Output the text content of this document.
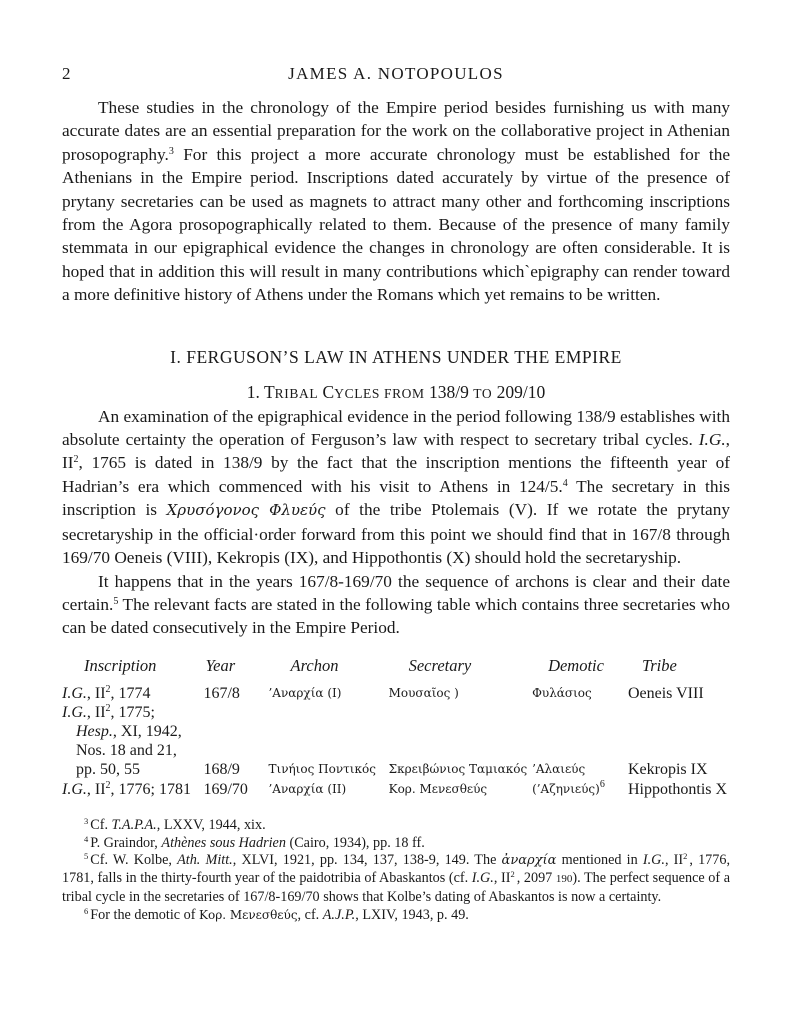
2	JAMES A. NOTOPOULOS

These studies in the chronology of the Empire period besides furnishing us with many accurate dates are an essential preparation for the work on the collaborative project in Athenian prosopography.$^3$ For this project a more accurate chronology must be established for the Athenians in the Empire period. Inscriptions dated accurately by virtue of the presence of prytany secretaries can be used as magnets to attract many other and forthcoming inscriptions from the Agora prosopographically related to them. Because of the presence of many family stemmata in our epigraphical evidence the changes in chronology are often considerable. It is hoped that in addition this will result in many contributions which`epigraphy can render toward a more definitive history of Athens under the Romans which yet remains to be written.

I. FERGUSON’S LAW IN ATHENS UNDER THE EMPIRE
1. TRIBAL CYCLES FROM 138/9 TO 209/10

An examination of the epigraphical evidence in the period following 138/9 establishes with absolute certainty the operation of Ferguson’s law with respect to secretary tribal cycles. I.G., $II^2$, 1765 is dated in 138/9 by the fact that the inscription mentions the fifteenth year of Hadrian’s era which commenced with his visit to Athens in 124/5.$^4$ The secretary in this inscription is Χρυσόγονος Φλυεύς of the tribe Ptolemais (V). If we rotate the prytany secretaryship in the official·order forward from this point we should find that in 167/8 through 169/70 Oeneis (VIII), Kekropis (IX), and Hippothontis (X) should hold the secretaryship.

It happens that in the years 167/8-169/70 the sequence of archons is clear and their date certain.$^5$ The relevant facts are stated in the following table which contains three secretaries who can be dated consecutively in the Empire Period.

Inscription	Year	Archon	Secretary	Demotic	Tribe
I.G., $II^2$, 1774	167/8	’Αναρχία (I)	Μουσαῖος )	Φυλάσιος	Oeneis VIII
I.G., $II^2$, 1775;
Hesp., XI, 1942,
Nos. 18 and 21,
pp. 50, 55	168/9	Τινήιος Ποντικός	Σκρειβώνιος Ταμιακός	’Αλαιεύς	Kekropis IX
I.G., $II^2$, 1776; 1781	169/70	’Αναρχία (II)	Κορ. Μενεσθεύς	(’Αζηνιεύς)$^6$	Hippothontis X

$^3$ Cf. T.A.P.A., LXXV, 1944, xix.

$^4$ P. Graindor, Athènes sous Hadrien (Cairo, 1934), pp. 18 ff.

$^5$ Cf. W. Kolbe, Ath. Mitt., XLVI, 1921, pp. 134, 137, 138-9, 149. The ἀναρχία mentioned in I.G., $II^2$ , 1776, 1781, falls in the thirty-fourth year of the paidotribia of Abaskantos (cf. I.G., $II^2$ , 2097 190). The perfect sequence of a tribal cycle in the secretaries of 167/8-169/70 shows that Kolbe’s dating of Abaskantos is now a certainty.

$^6$ For the demotic of Κορ. Μενεσθεύς, cf. A.J.P., LXIV, 1943, p. 49.
